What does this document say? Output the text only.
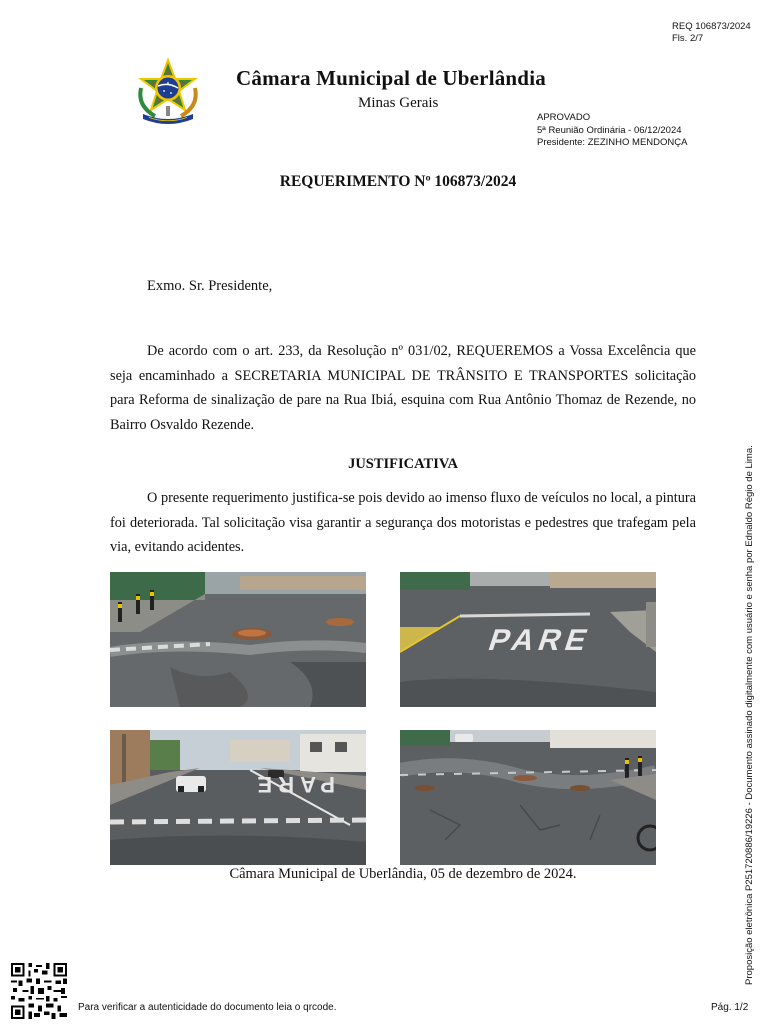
REQ 106873/2024
Fls. 2/7
Câmara Municipal de Uberlândia
Minas Gerais
APROVADO
5ª Reunião Ordinária - 06/12/2024
Presidente: ZEZINHO MENDONÇA
REQUERIMENTO Nº 106873/2024
Exmo. Sr. Presidente,
De acordo com o art. 233, da Resolução nº 031/02, REQUEREMOS a Vossa Excelência que seja encaminhado a SECRETARIA MUNICIPAL DE TRÂNSITO E TRANSPORTES solicitação para Reforma de sinalização de pare na Rua Ibiá, esquina com Rua Antônio Thomaz de Rezende, no Bairro Osvaldo Rezende.
JUSTIFICATIVA
O presente requerimento justifica-se pois devido ao imenso fluxo de veículos no local, a pintura foi deteriorada. Tal solicitação visa garantir a segurança dos motoristas e pedestres que trafegam pela via, evitando acidentes.
PARE
PARE
Câmara Municipal de Uberlândia, 05 de dezembro de 2024.	Proposição eletrônica P251720886/19226 - Documento assinado digitalmente com usuário e senha por Ednaldo Régio de Lima.
Para verificar a autenticidade do documento leia o qrcode.	Pág. 1/2
